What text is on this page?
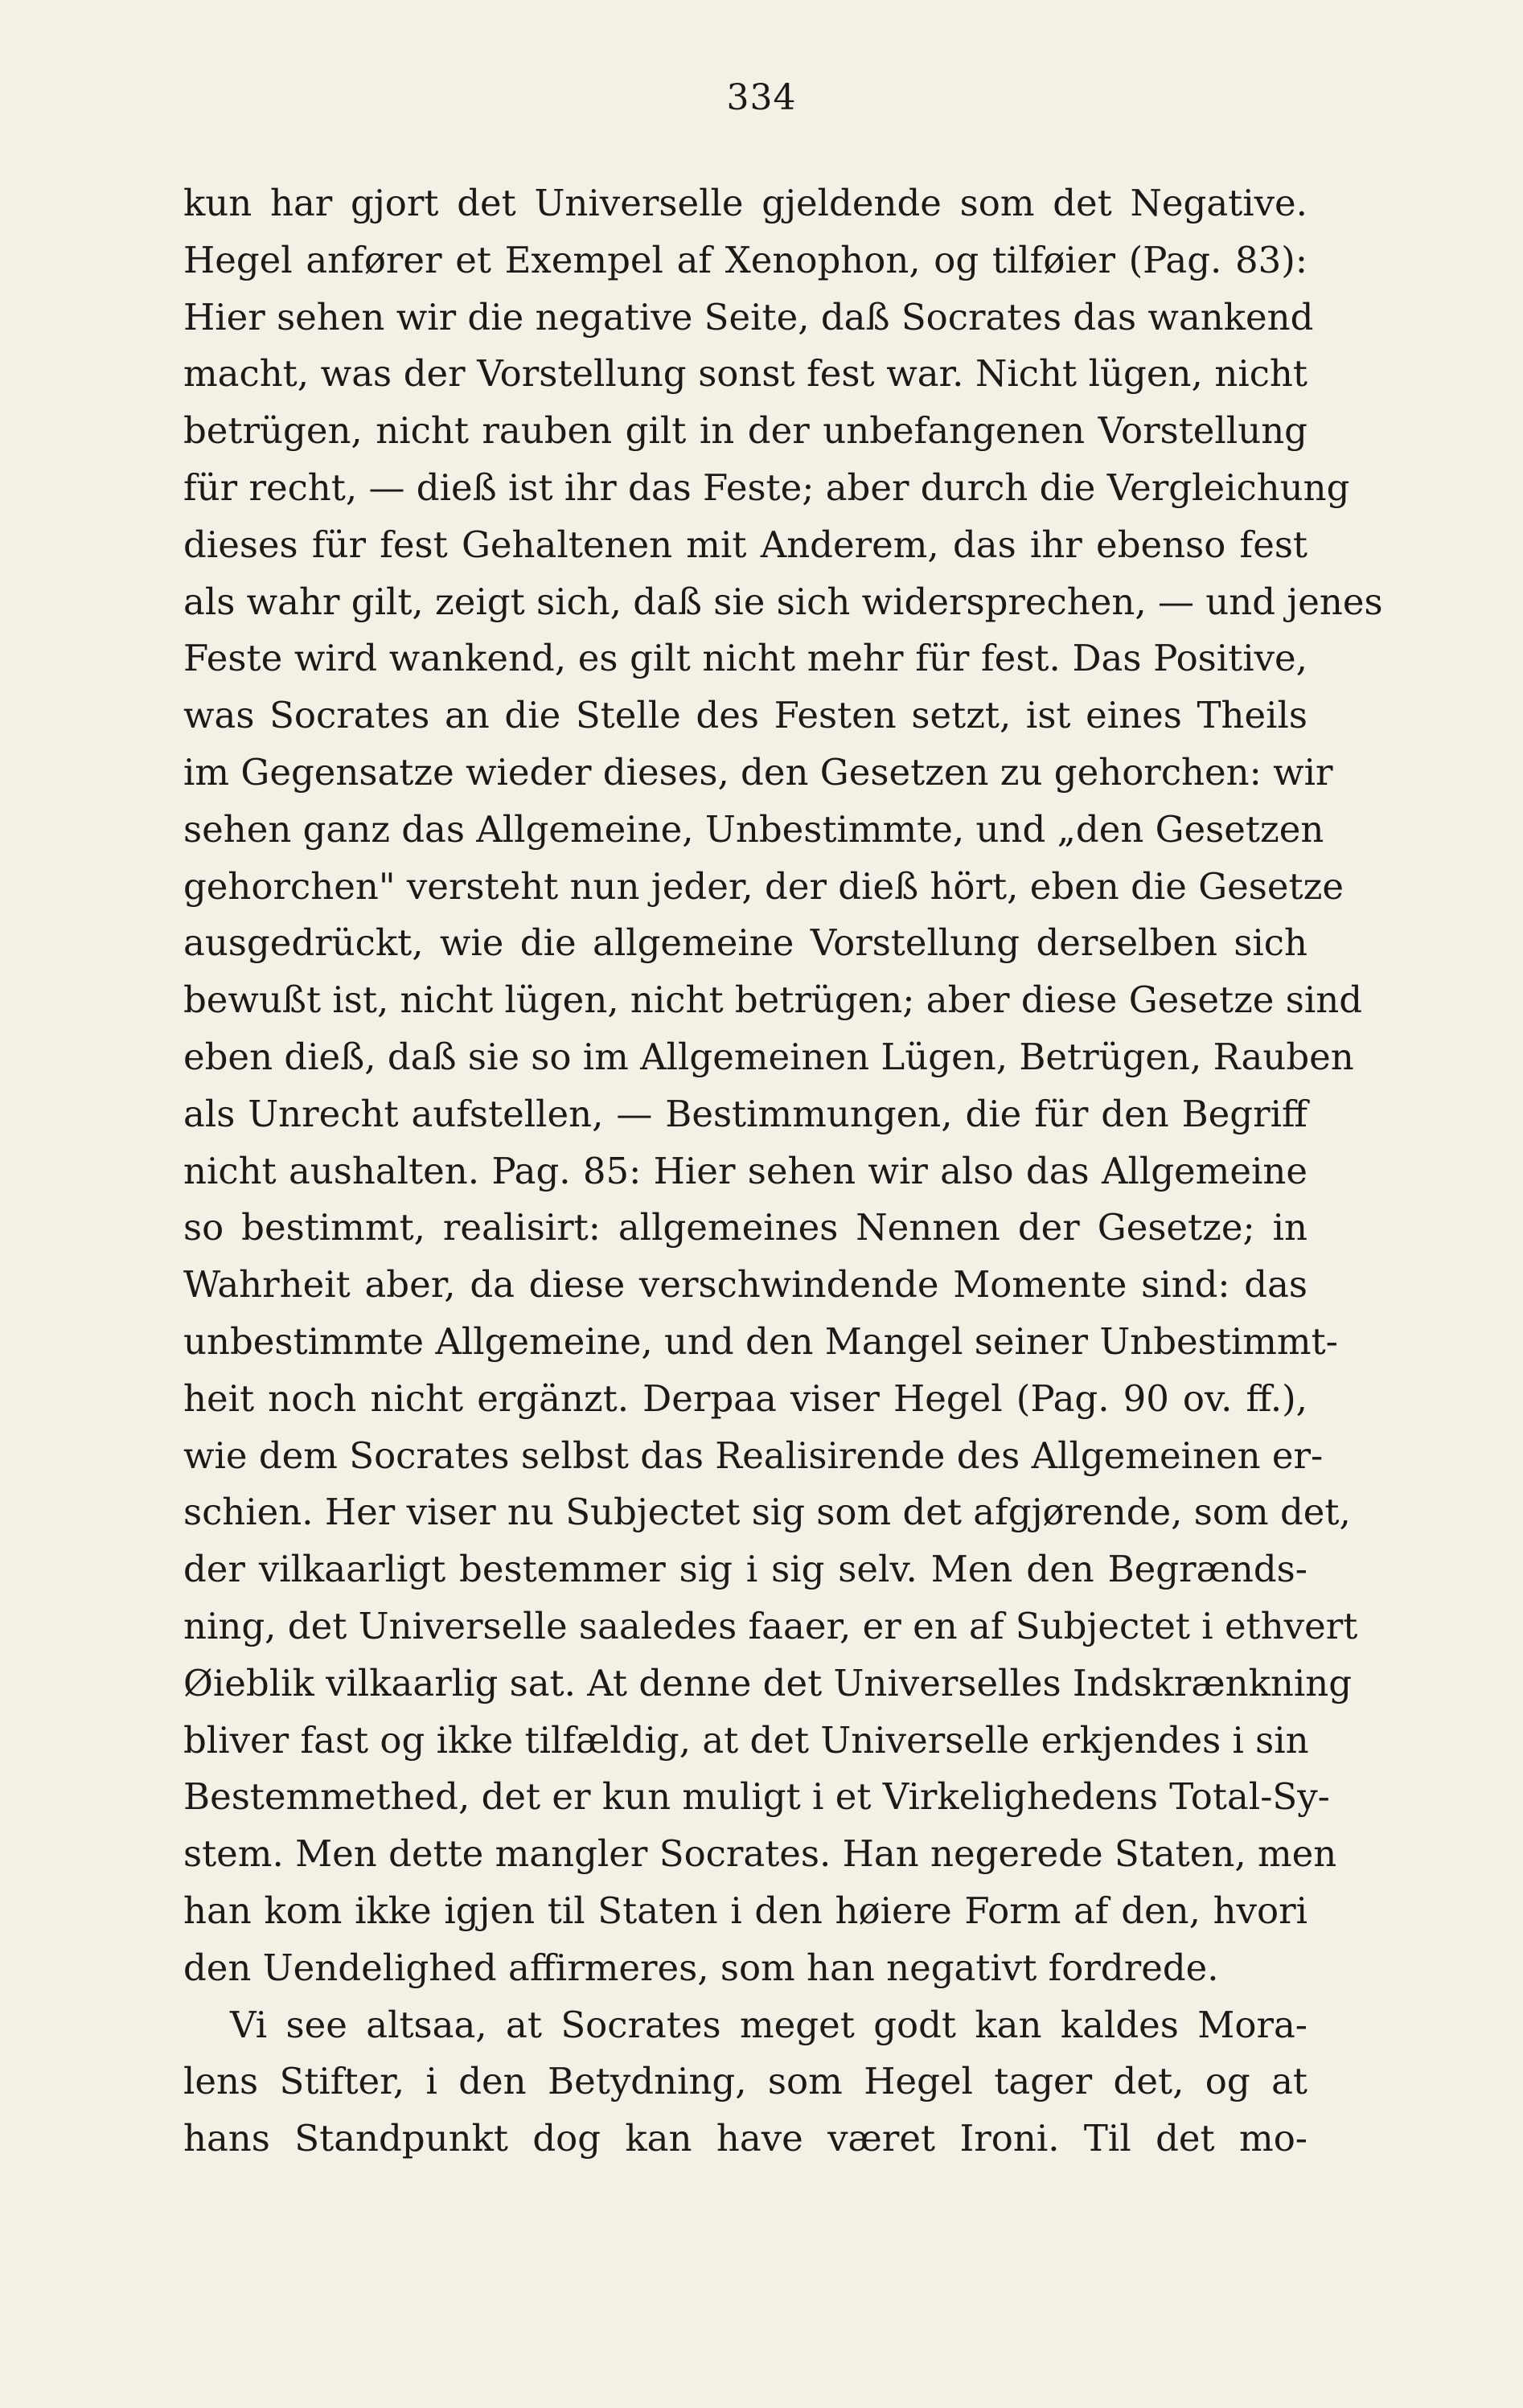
334
kun har gjort det Universelle gjeldende som det Negative.
Hegel anfører et Exempel af Xenophon, og tilføier (Pag. 83):
Hier sehen wir die negative Seite, daß Socrates das wankend
macht, was der Vorstellung sonst fest war. Nicht lügen, nicht
betrügen, nicht rauben gilt in der unbefangenen Vorstellung
für recht, — dieß ist ihr das Feste; aber durch die Vergleichung
dieses für fest Gehaltenen mit Anderem, das ihr ebenso fest
als wahr gilt, zeigt sich, daß sie sich widersprechen, — und jenes
Feste wird wankend, es gilt nicht mehr für fest. Das Positive,
was Socrates an die Stelle des Festen setzt, ist eines Theils
im Gegensatze wieder dieses, den Gesetzen zu gehorchen: wir
sehen ganz das Allgemeine, Unbestimmte, und „den Gesetzen
gehorchen" versteht nun jeder, der dieß hört, eben die Gesetze
ausgedrückt, wie die allgemeine Vorstellung derselben sich
bewußt ist, nicht lügen, nicht betrügen; aber diese Gesetze sind
eben dieß, daß sie so im Allgemeinen Lügen, Betrügen, Rauben
als Unrecht aufstellen, — Bestimmungen, die für den Begriff
nicht aushalten. Pag. 85: Hier sehen wir also das Allgemeine
so bestimmt, realisirt: allgemeines Nennen der Gesetze; in
Wahrheit aber, da diese verschwindende Momente sind: das
unbestimmte Allgemeine, und den Mangel seiner Unbestimmt-
heit noch nicht ergänzt. Derpaa viser Hegel (Pag. 90 ov. ff.),
wie dem Socrates selbst das Realisirende des Allgemeinen er-
schien. Her viser nu Subjectet sig som det afgjørende, som det,
der vilkaarligt bestemmer sig i sig selv. Men den Begrænds-
ning, det Universelle saaledes faaer, er en af Subjectet i ethvert
Øieblik vilkaarlig sat. At denne det Universelles Indskrænkning
bliver fast og ikke tilfældig, at det Universelle erkjendes i sin
Bestemmethed, det er kun muligt i et Virkelighedens Total-Sy-
stem. Men dette mangler Socrates. Han negerede Staten, men
han kom ikke igjen til Staten i den høiere Form af den, hvori
den Uendelighed affirmeres, som han negativt fordrede.
Vi see altsaa, at Socrates meget godt kan kaldes Mora-
lens Stifter, i den Betydning, som Hegel tager det, og at
hans Standpunkt dog kan have været Ironi. Til det mo-
